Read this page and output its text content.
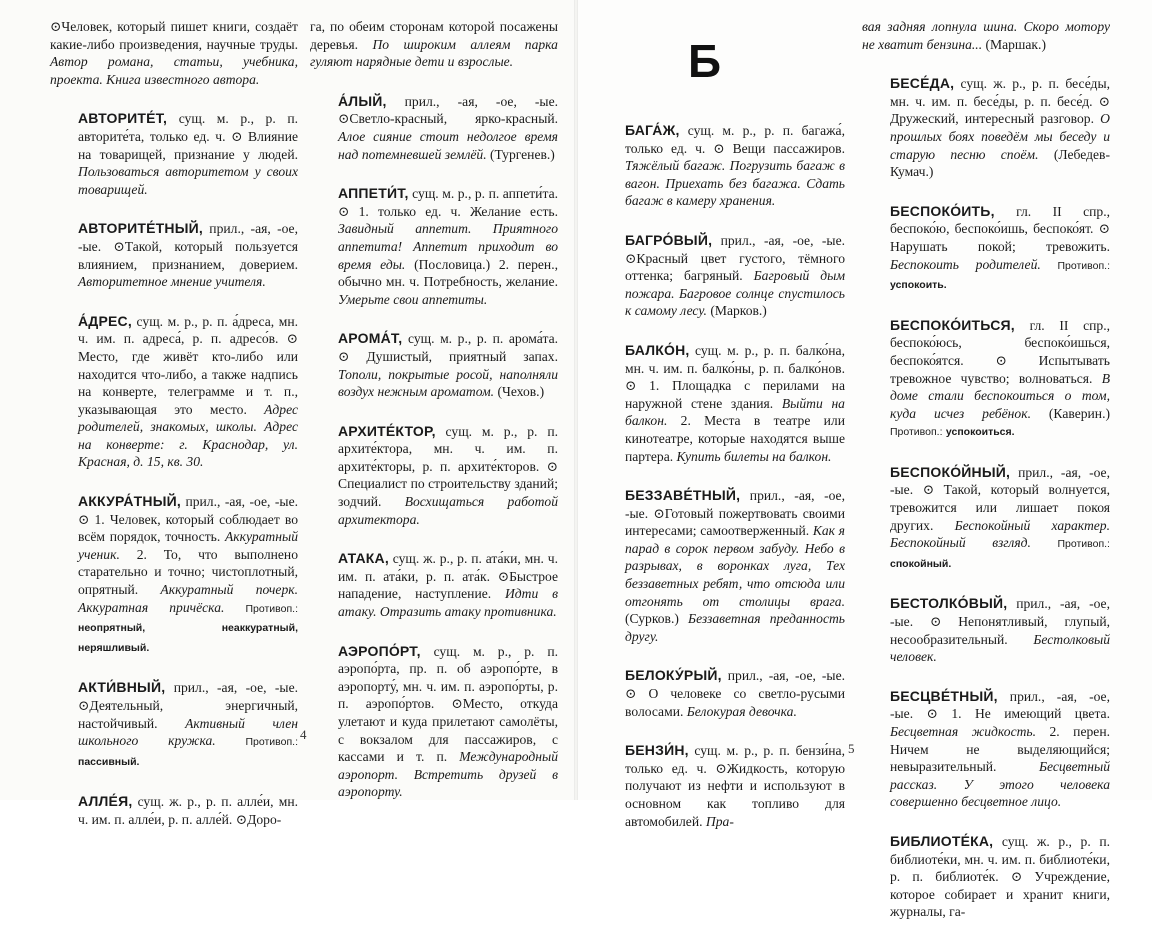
⊙Человек, который пишет книги, создаёт какие-либо произведения, научные труды. Автор романа, статьи, учебника, проекта. Книга известного автора.

АВТОРИТЕ́Т, сущ. м. р., р. п. авторите́та, только ед. ч. ⊙ Влияние на товарищей, признание у людей. Пользоваться авторитетом у своих товарищей.

АВТОРИТЕ́ТНЫЙ, прил., -ая, -ое, -ые. ⊙Такой, который пользуется влиянием, признанием, доверием. Авторитетное мнение учителя.

А́ДРЕС, сущ. м. р., р. п. а́дреса, мн. ч. им. п. адреса́, р. п. адресо́в. ⊙ Место, где живёт кто-либо или находится что-либо, а также надпись на конверте, телеграмме и т. п., указывающая это место. Адрес родителей, знакомых, школы. Адрес на конверте: г. Краснодар, ул. Красная, д. 15, кв. 30.

АККУРА́ТНЫЙ, прил., -ая, -ое, -ые. ⊙ 1. Человек, который соблюдает во всём порядок, точность. Аккуратный ученик. 2. То, что выполнено старательно и точно; чистоплотный, опрятный. Аккуратный почерк. Аккуратная причёска. Противоп.: неопрятный, неаккуратный, неряшливый.

АКТИ́ВНЫЙ, прил., -ая, -ое, -ые. ⊙Деятельный, энергичный, настойчивый. Активный член школьного кружка.	Противоп.: пассивный.

АЛЛЕ́Я, сущ. ж. р., р. п. алле́и, мн. ч. им. п. алле́и, р. п. алле́й. ⊙Доро-

га, по обеим сторонам которой посажены деревья. По широким аллеям парка гуляют нарядные дети и взрослые.

А́ЛЫЙ, прил., -ая, -ое, -ые. ⊙Светло-красный, ярко-красный. Алое сияние стоит недолгое время над потемневшей землёй. (Тургенев.)

АППЕТИ́Т, сущ. м. р., р. п. аппети́та. ⊙ 1. только ед. ч. Желание есть. Завидный аппетит. Приятного аппетита! Аппетит приходит во время еды. (Пословица.) 2. перен., обычно мн. ч. Потребность, желание. Умерьте свои аппетиты.

АРОМА́Т, сущ. м. р., р. п. арома́та. ⊙ Душистый, приятный запах. Тополи, покрытые росой, наполняли воздух нежным ароматом. (Чехов.)

АРХИТЕ́КТОР, сущ. м. р., р. п. архите́ктора, мн. ч. им. п. архите́кторы, р. п. архите́кторов. ⊙ Специалист по строительству зданий; зодчий. Восхищаться работой архитектора.

АТАКА, сущ. ж. р., р. п. ата́ки, мн. ч. им. п. ата́ки, р. п. ата́к. ⊙Быстрое нападение, наступление. Идти в атаку. Отразить атаку противника.

АЭРОПО́РТ, сущ. м. р., р. п. аэропо́рта, пр. п. об аэропо́рте, в аэропорту́, мн. ч. им. п. аэропо́рты, р. п. аэропо́ртов. ⊙Место, откуда улетают и куда прилетают самолёты, с вокзалом для пассажиров, с кассами и т. п. Международный аэропорт. Встретить друзей в аэропорту.

Б

БАГА́Ж, сущ. м. р., р. п. багажа́, только ед. ч. ⊙ Вещи пассажиров. Тяжёлый багаж. Погрузить багаж в вагон. Приехать без багажа. Сдать багаж в камеру хранения.

БАГРО́ВЫЙ, прил., -ая, -ое, -ые. ⊙Красный цвет густого, тёмного оттенка; багряный. Багровый дым пожара. Багровое солнце спустилось к самому лесу. (Марков.)

БАЛКО́Н, сущ. м. р., р. п. балко́на, мн. ч. им. п. балко́ны, р. п. балко́нов. ⊙ 1. Площадка с перилами на наружной стене здания. Выйти на балкон. 2. Места в театре или кинотеатре, которые находятся выше партера. Купить билеты на балкон.

БЕЗЗАВЕ́ТНЫЙ, прил., -ая, -ое, -ые. ⊙Готовый пожертвовать своими интересами; самоотверженный. Как я парад в сорок первом забуду. Небо в разрывах, в воронках луга, Тех беззаветных ребят, что отсюда или отгонять от столицы врага. (Сурков.) Беззаветная преданность другу.

БЕЛОКУ́РЫЙ, прил., -ая, -ое, -ые. ⊙ О человеке со светло-русыми волосами. Белокурая девочка.

БЕНЗИ́Н, сущ. м. р., р. п. бензи́на, только ед. ч. ⊙Жидкость, которую получают из нефти и используют в основном как топливо для автомобилей. Пра-

вая задняя лопнула шина. Скоро мотору не хватит бензина... (Маршак.)

БЕСЕ́ДА, сущ. ж. р., р. п. бесе́ды, мн. ч. им. п. бесе́ды, р. п. бесе́д. ⊙ Дружеский, интересный разговор. О прошлых боях поведём мы беседу и старую песню споём. (Лебедев-Кумач.)

БЕСПОКО́ИТЬ, гл. II спр., беспоко́ю, беспоко́ишь, беспоко́ят. ⊙ Нарушать покой; тревожить. Беспокоить родителей. Противоп.: успокоить.

БЕСПОКО́ИТЬСЯ, гл. II спр., беспоко́юсь, беспоко́ишься, беспоко́ятся. ⊙ Испытывать тревожное чувство; волноваться. В доме стали беспокоиться о том, куда исчез ребёнок. (Каверин.) Противоп.: успокоиться.

БЕСПОКО́ЙНЫЙ, прил., -ая, -ое, -ые. ⊙ Такой, который волнуется, тревожится или лишает покоя других. Беспокойный характер. Беспокойный взгляд.	Противоп.: спокойный.

БЕСТОЛКО́ВЫЙ, прил., -ая, -ое, -ые. ⊙ Непонятливый, глупый, несообразительный. Бестолковый человек.

БЕСЦВЕ́ТНЫЙ, прил., -ая, -ое, -ые. ⊙ 1. Не имеющий цвета. Бесцветная жидкость. 2. перен. Ничем не выделяющийся; невыразительный. Бесцветный рассказ. У этого человека совершенно бесцветное лицо.

БИБЛИОТЕ́КА, сущ. ж. р., р. п. библиоте́ки, мн. ч. им. п. библиоте́ки, р. п. библиоте́к. ⊙ Учреждение, которое собирает и хранит книги, журналы, га-

4
5
